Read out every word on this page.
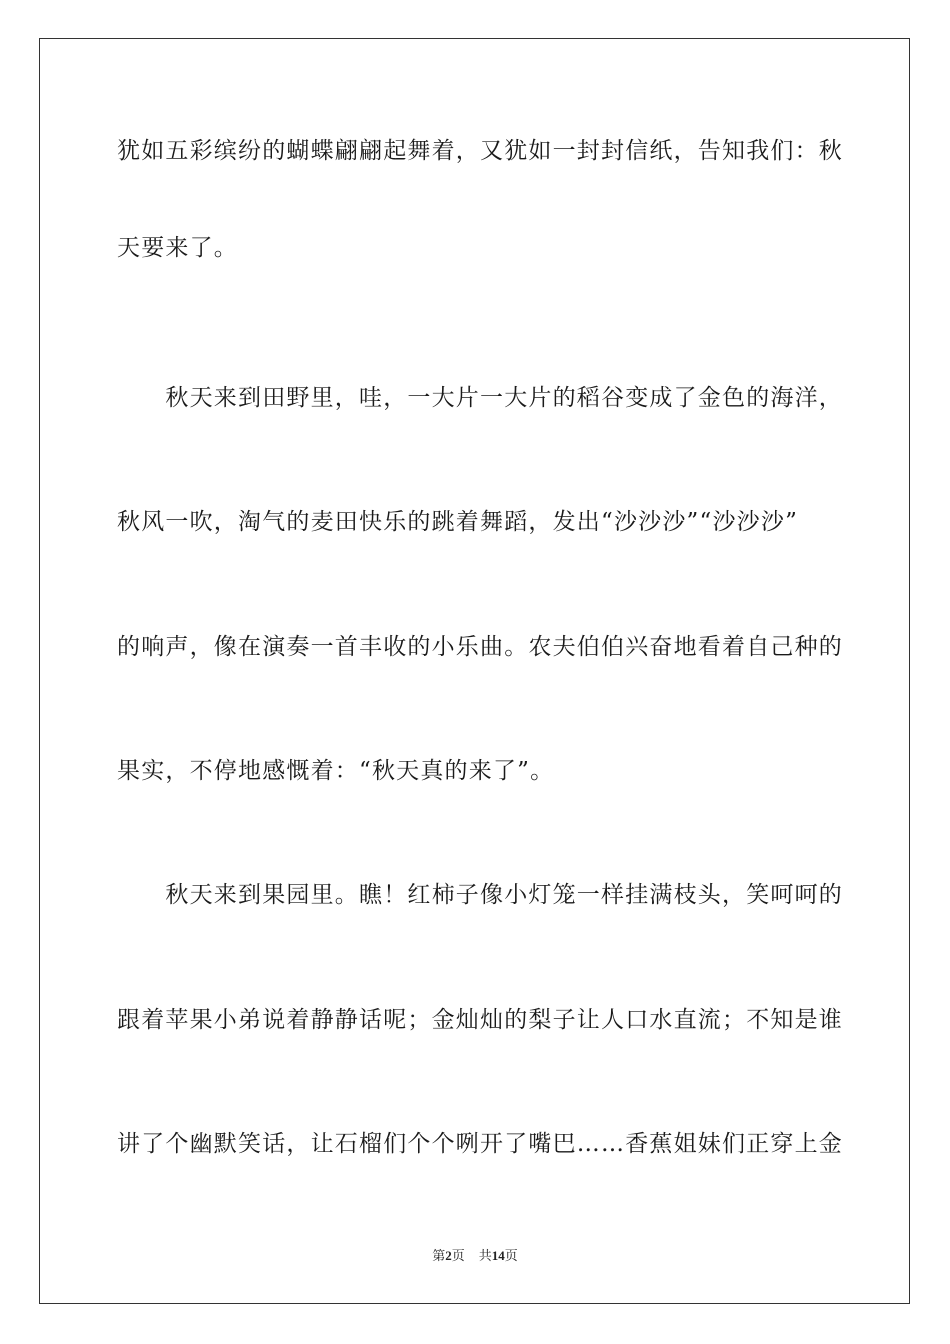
犹如五彩缤纷的蝴蝶翩翩起舞着，又犹如一封封信纸，告知我们：秋
天要来了。
　　秋天来到田野里，哇，一大片一大片的稻谷变成了金色的海洋，
秋风一吹，淘气的麦田快乐的跳着舞蹈，发出“沙沙沙”“沙沙沙”
的响声，像在演奏一首丰收的小乐曲。农夫伯伯兴奋地看着自己种的
果实，不停地感慨着：“秋天真的来了”。
　　秋天来到果园里。瞧！红柿子像小灯笼一样挂满枝头，笑呵呵的
跟着苹果小弟说着静静话呢；金灿灿的梨子让人口水直流；不知是谁
讲了个幽默笑话，让石榴们个个咧开了嘴巴……香蕉姐妹们正穿上金
第2页 共14页
